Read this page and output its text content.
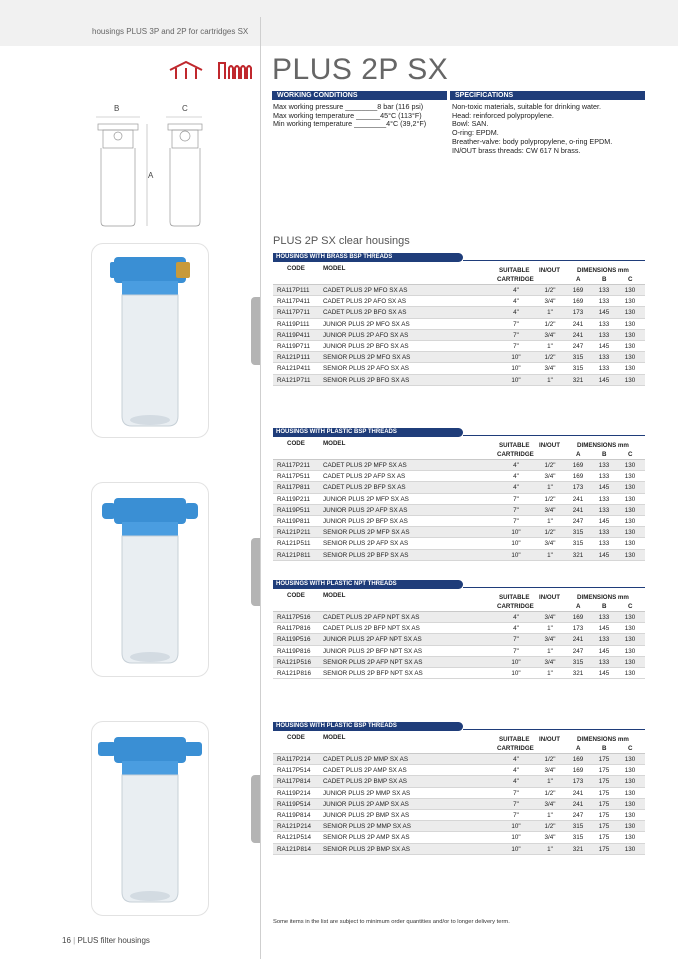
housings PLUS 3P and 2P for cartridges SX
PLUS 2P SX
WORKING CONDITIONS	SPECIFICATIONS
Max working pressure ________8 bar (116 psi)
Max working temperature ______45°C (113°F)
Min working temperature ________4°C (39,2°F)
Non-toxic materials, suitable for drinking water.
Head: reinforced polypropylene.
Bowl: SAN.
O-ring: EPDM.
Breather-valve: body polypropylene, o-ring EPDM.
IN/OUT brass threads: CW 617 N brass.
B	C
A
PLUS 2P SX clear housings
HOUSINGS WITH BRASS BSP THREADS
CODE	MODEL	SUITABLE
CARTRIDGE
IN/OUT	DIMENSIONS mm
A	B	C
RA117P111 CADET PLUS 2P MFO SX AS	4"	1/2"	169	133	130
RA117P411 CADET PLUS 2P AFO SX AS	4"	3/4"	169	133	130
RA117P711 CADET PLUS 2P BFO SX AS	4"	1"	173	145	130
RA119P111 JUNIOR PLUS 2P MFO SX AS	7"	1/2"	241	133	130
RA119P411 JUNIOR PLUS 2P AFO SX AS	7"	3/4"	241	133	130
RA119P711 JUNIOR PLUS 2P BFO SX AS	7"	1"	247	145	130
RA121P111 SENIOR PLUS 2P MFO SX AS	10"	1/2"	315	133	130
RA121P411 SENIOR PLUS 2P AFO SX AS	10"	3/4"	315	133	130
RA121P711 SENIOR PLUS 2P BFO SX AS	10"	1"	321	145	130
HOUSINGS WITH PLASTIC BSP THREADS
CODE	MODEL	SUITABLE
CARTRIDGE
IN/OUT	DIMENSIONS mm
A	B	C
RA117P211 CADET PLUS 2P MFP SX AS	4"	1/2"	169	133	130
RA117P511 CADET PLUS 2P AFP SX AS	4"	3/4"	169	133	130
RA117P811 CADET PLUS 2P BFP SX AS	4"	1"	173	145	130
RA119P211 JUNIOR PLUS 2P MFP SX AS	7"	1/2"	241	133	130
RA119P511 JUNIOR PLUS 2P AFP SX AS	7"	3/4"	241	133	130
RA119P811 JUNIOR PLUS 2P BFP SX AS	7"	1"	247	145	130
RA121P211 SENIOR PLUS 2P MFP SX AS	10"	1/2"	315	133	130
RA121P511 SENIOR PLUS 2P AFP SX AS	10"	3/4"	315	133	130
RA121P811 SENIOR PLUS 2P BFP SX AS	10"	1"	321	145	130
HOUSINGS WITH PLASTIC NPT THREADS
CODE	MODEL	SUITABLE
CARTRIDGE
IN/OUT	DIMENSIONS mm
A	B	C
RA117P516 CADET PLUS 2P AFP NPT SX AS	4"	3/4"	169	133	130
RA117P816 CADET PLUS 2P BFP NPT SX AS	4"	1"	173	145	130
RA119P516 JUNIOR PLUS 2P AFP NPT SX AS	7"	3/4"	241	133	130
RA119P816 JUNIOR PLUS 2P BFP NPT SX AS	7"	1"	247	145	130
RA121P516 SENIOR PLUS 2P AFP NPT SX AS	10"	3/4"	315	133	130
RA121P816 SENIOR PLUS 2P BFP NPT SX AS	10"	1"	321	145	130
HOUSINGS WITH PLASTIC BSP THREADS
CODE	MODEL	SUITABLE
CARTRIDGE
IN/OUT	DIMENSIONS mm
A	B	C
RA117P214 CADET PLUS 2P MMP SX AS	4"	1/2"	169	175	130
RA117P514 CADET PLUS 2P AMP SX AS	4"	3/4"	169	175	130
RA117P814 CADET PLUS 2P BMP SX AS	4"	1"	173	175	130
RA119P214 JUNIOR PLUS 2P MMP SX AS	7"	1/2"	241	175	130
RA119P514 JUNIOR PLUS 2P AMP SX AS	7"	3/4"	241	175	130
RA119P814 JUNIOR PLUS 2P BMP SX AS	7"	1"	247	175	130
RA121P214 SENIOR PLUS 2P MMP SX AS	10"	1/2"	315	175	130
RA121P514 SENIOR PLUS 2P AMP SX AS	10"	3/4"	315	175	130
RA121P814 SENIOR PLUS 2P BMP SX AS	10"	1"	321	175	130
Some items in the list are subject to minimum order quantities and/or to longer delivery term.
16 | PLUS filter housings
